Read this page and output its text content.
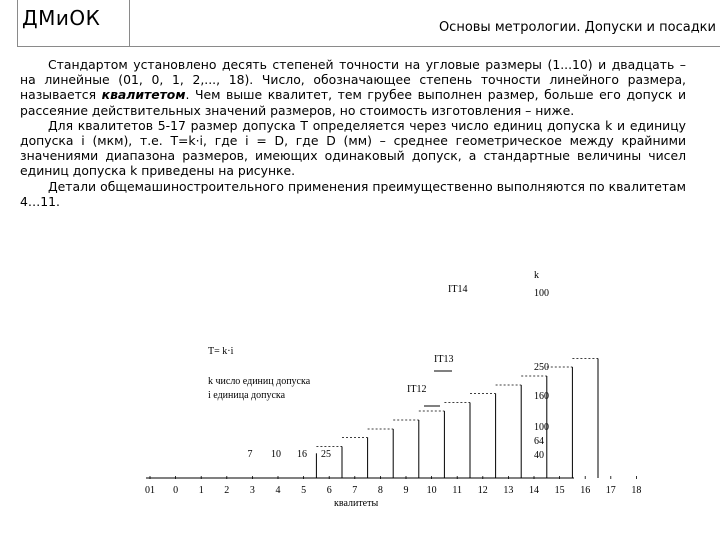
ДМиОК	Основы метрологии. Допуски и посадки

Стандартом установлено десять степеней точности на угловые размеры (1...10) и двадцать – на линейные (01, 0, 1, 2,..., 18). Число, обозначающее степень точности линейного размера, называется квалитетом. Чем выше квалитет, тем грубее выполнен размер, больше его допуск и рассеяние действительных значений размеров, но стоимость изготовления – ниже.

Для квалитетов 5-17 размер допуска T определяется через число единиц допуска k и единицу допуска i (мкм), т.е. T=k·i, где i = D, где D (мм) – среднее геометрическое между крайними значениями диапазона размеров, имеющих одинаковый допуск, а стандартные величины чисел единиц допуска k приведены на рисунке.

Детали общемашиностроительного применения преимущественно выполняются по квалитетам 4…11.

01 0 1 2 3 4 5 6 7 8 9 10 11 12 13 14 15 16 17 18
7 10 16 25
100
250
160
100
64
40
IT14
IT13
IT12
T= k·i
k число единиц допуска
i единица допуска
k
квалитеты
